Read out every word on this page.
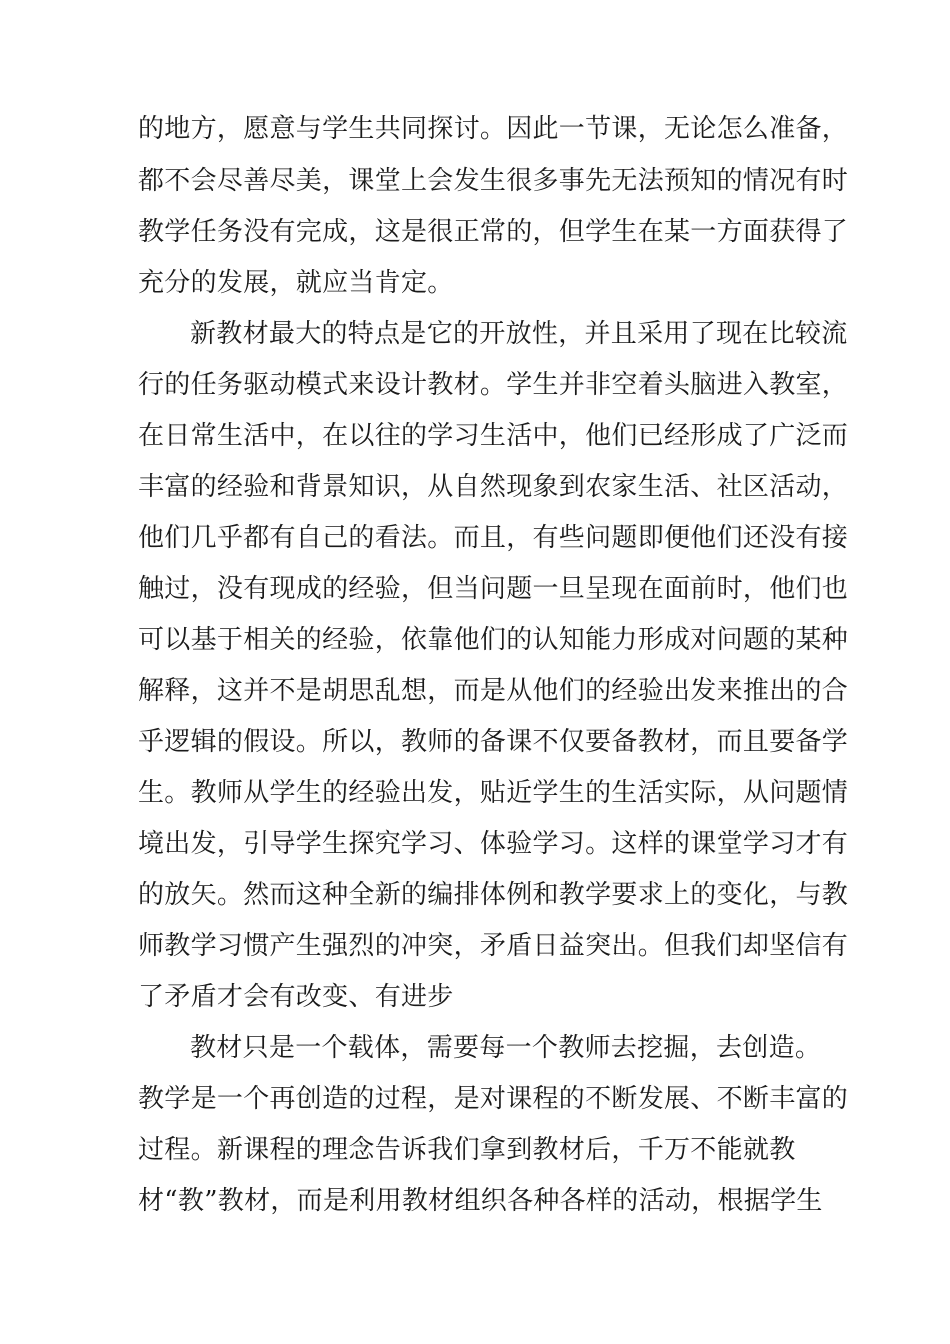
的地方，愿意与学生共同探讨。因此一节课，无论怎么准备，
都不会尽善尽美，课堂上会发生很多事先无法预知的情况有时
教学任务没有完成，这是很正常的，但学生在某一方面获得了
充分的发展，就应当肯定。
新教材最大的特点是它的开放性，并且采用了现在比较流
行的任务驱动模式来设计教材。学生并非空着头脑进入教室，
在日常生活中，在以往的学习生活中，他们已经形成了广泛而
丰富的经验和背景知识，从自然现象到农家生活、社区活动，
他们几乎都有自己的看法。而且，有些问题即便他们还没有接
触过，没有现成的经验，但当问题一旦呈现在面前时，他们也
可以基于相关的经验，依靠他们的认知能力形成对问题的某种
解释，这并不是胡思乱想，而是从他们的经验出发来推出的合
乎逻辑的假设。所以，教师的备课不仅要备教材，而且要备学
生。教师从学生的经验出发，贴近学生的生活实际，从问题情
境出发，引导学生探究学习、体验学习。这样的课堂学习才有
的放矢。然而这种全新的编排体例和教学要求上的变化，与教
师教学习惯产生强烈的冲突，矛盾日益突出。但我们却坚信有
了矛盾才会有改变、有进步
教材只是一个载体，需要每一个教师去挖掘，去创造。
教学是一个再创造的过程，是对课程的不断发展、不断丰富的
过程。新课程的理念告诉我们拿到教材后，千万不能就教
材“教”教材，而是利用教材组织各种各样的活动，根据学生
